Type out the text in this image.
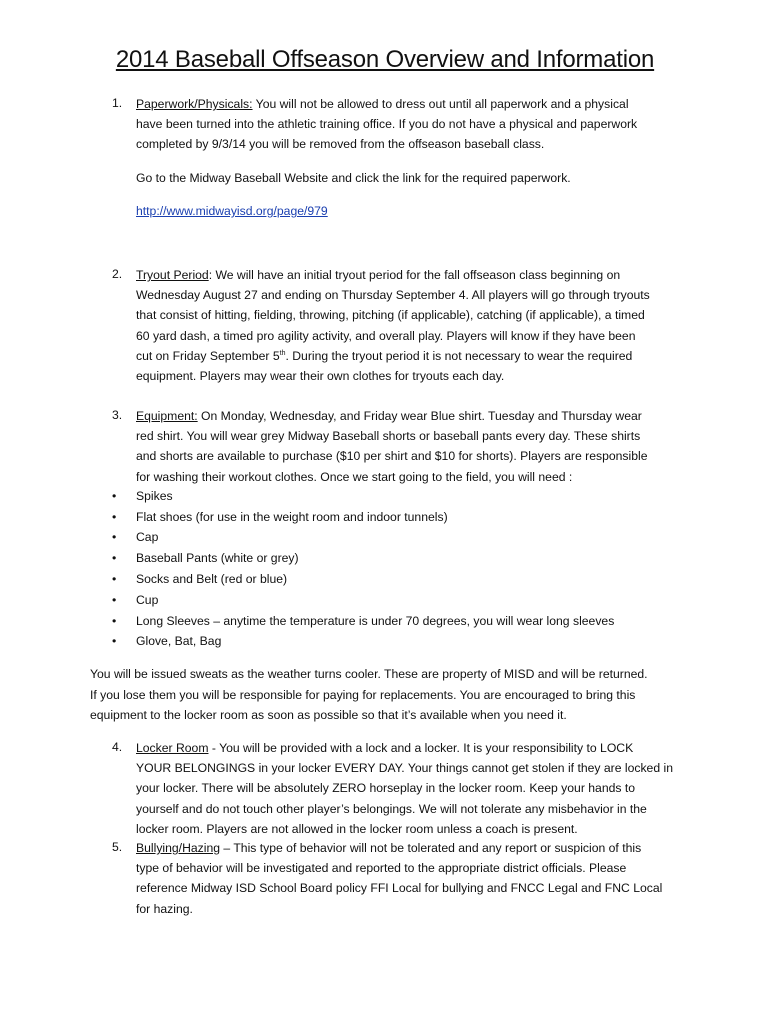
2014 Baseball Offseason Overview and Information
1. Paperwork/Physicals: You will not be allowed to dress out until all paperwork and a physical

have been turned into the athletic training office. If you do not have a physical and paperwork

completed by 9/3/14 you will be removed from the offseason baseball class.

Go to the Midway Baseball Website and click the link for the required paperwork.
http://www.midwayisd.org/page/979
2. Tryout Period: We will have an initial tryout period for the fall offseason class beginning on

Wednesday August 27 and ending on Thursday September 4. All players will go through tryouts

that consist of hitting, fielding, throwing, pitching (if applicable), catching (if applicable), a timed

60 yard dash, a timed pro agility activity, and overall play. Players will know if they have been

cut on Friday September 5th. During the tryout period it is not necessary to wear the required

equipment. Players may wear their own clothes for tryouts each day.

3. Equipment: On Monday, Wednesday, and Friday wear Blue shirt. Tuesday and Thursday wear

red shirt. You will wear grey Midway Baseball shorts or baseball pants every day. These shirts

and shorts are available to purchase ($10 per shirt and $10 for shorts). Players are responsible

for washing their workout clothes. Once we start going to the field, you will need :

• Spikes
• Flat shoes (for use in the weight room and indoor tunnels)
• Cap
• Baseball Pants (white or grey)
• Socks and Belt (red or blue)
• Cup
• Long Sleeves – anytime the temperature is under 70 degrees, you will wear long sleeves
• Glove, Bat, Bag

You will be issued sweats as the weather turns cooler. These are property of MISD and will be returned.

If you lose them you will be responsible for paying for replacements. You are encouraged to bring this

equipment to the locker room as soon as possible so that it’s available when you need it.

4. Locker Room - You will be provided with a lock and a locker. It is your responsibility to LOCK

YOUR BELONGINGS in your locker EVERY DAY. Your things cannot get stolen if they are locked in

your locker. There will be absolutely ZERO horseplay in the locker room. Keep your hands to

yourself and do not touch other player’s belongings. We will not tolerate any misbehavior in the

locker room. Players are not allowed in the locker room unless a coach is present.

5. Bullying/Hazing – This type of behavior will not be tolerated and any report or suspicion of this

type of behavior will be investigated and reported to the appropriate district officials. Please

reference Midway ISD School Board policy FFI Local for bullying and FNCC Legal and FNC Local

for hazing.
